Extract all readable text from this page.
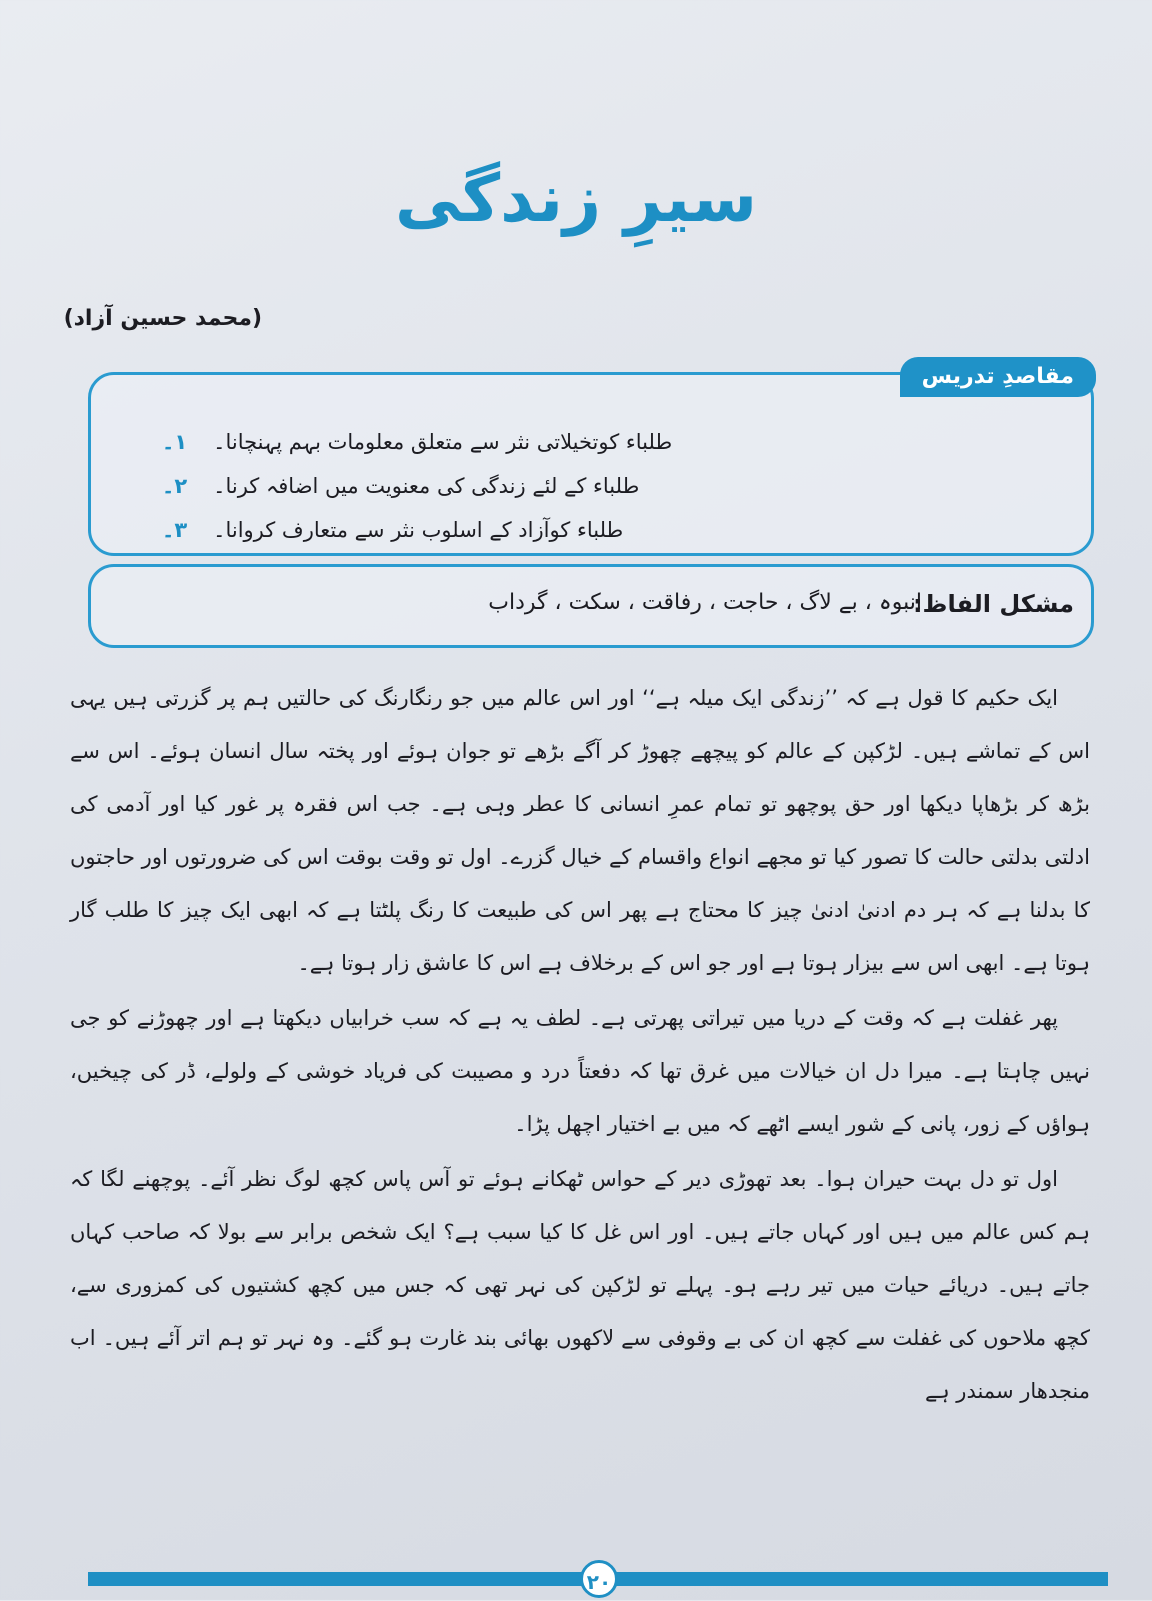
سیرِ زندگی
(محمد حسین آزاد)
مقاصدِ تدریس
۱۔ طلباء کوتخیلاتی نثر سے متعلق معلومات بہم پہنچانا۔
۲۔ طلباء کے لئے زندگی کی معنویت میں اضافہ کرنا۔
۳۔ طلباء کوآزاد کے اسلوب نثر سے متعارف کروانا۔
مشکل الفاظ:
انبوہ ، بے لاگ ، حاجت ، رفاقت ، سکت ، گرداب

ایک حکیم کا قول ہے کہ ’’زندگی ایک میلہ ہے‘‘ اور اس عالم میں جو رنگارنگ کی حالتیں ہم پر گزرتی ہیں یہی اس کے تماشے ہیں۔ لڑکپن کے عالم کو پیچھے چھوڑ کر آگے بڑھے تو جوان ہوئے اور پختہ سال انسان ہوئے۔ اس سے بڑھ کر بڑھاپا دیکھا اور حق پوچھو تو تمام عمرِ انسانی کا عطر وہی ہے۔ جب اس فقرہ پر غور کیا اور آدمی کی ادلتی بدلتی حالت کا تصور کیا تو مجھے انواع واقسام کے خیال گزرے۔ اول تو وقت بوقت اس کی ضرورتوں اور حاجتوں کا بدلنا ہے کہ ہر دم ادنیٰ ادنیٰ چیز کا محتاج ہے پھر اس کی طبیعت کا رنگ پلٹتا ہے کہ ابھی ایک چیز کا طلب گار ہوتا ہے۔ ابھی اس سے بیزار ہوتا ہے اور جو اس کے برخلاف ہے اس کا عاشق زار ہوتا ہے۔

پھر غفلت ہے کہ وقت کے دریا میں تیراتی پھرتی ہے۔ لطف یہ ہے کہ سب خرابیاں دیکھتا ہے اور چھوڑنے کو جی نہیں چاہتا ہے۔ میرا دل ان خیالات میں غرق تھا کہ دفعتاً درد و مصیبت کی فریاد خوشی کے ولولے، ڈر کی چیخیں، ہواؤں کے زور، پانی کے شور ایسے اٹھے کہ میں بے اختیار اچھل پڑا۔

اول تو دل بہت حیران ہوا۔ بعد تھوڑی دیر کے حواس ٹھکانے ہوئے تو آس پاس کچھ لوگ نظر آئے۔ پوچھنے لگا کہ ہم کس عالم میں ہیں اور کہاں جاتے ہیں۔ اور اس غل کا کیا سبب ہے؟ ایک شخص برابر سے بولا کہ صاحب کہاں جاتے ہیں۔ دریائے حیات میں تیر رہے ہو۔ پہلے تو لڑکپن کی نہر تھی کہ جس میں کچھ کشتیوں کی کمزوری سے، کچھ ملاحوں کی غفلت سے کچھ ان کی بے وقوفی سے لاکھوں بھائی بند غارت ہو گئے۔ وہ نہر تو ہم اتر آئے ہیں۔ اب منجدھار سمندر ہے

۲۰
